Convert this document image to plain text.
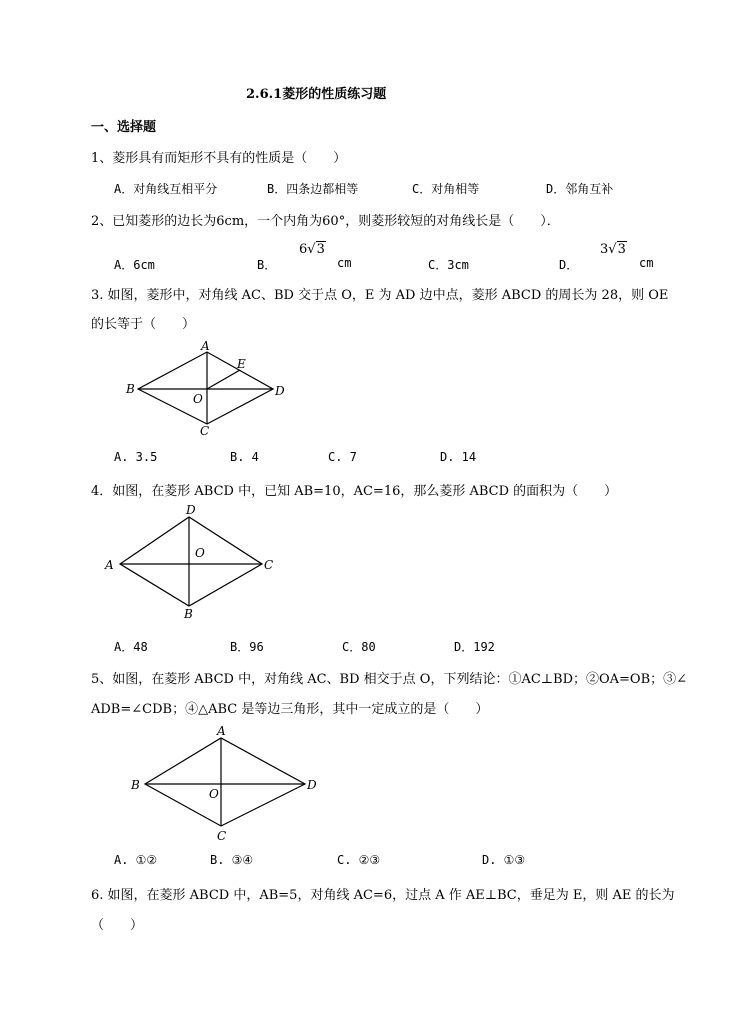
2.6.1菱形的性质练习题
一、选择题
1、菱形具有而矩形不具有的性质是（　　）
A．对角线互相平分	B．四条边都相等	C．对角相等	D．邻角互补
2、已知菱形的边长为6cm，一个内角为60°，则菱形较短的对角线长是（　　）．
A．6cm	B．
6√3
cm	C．3cm	D．
3√3
cm
3. 如图，菱形中，对角线 AC、BD 交于点 O，E 为 AD 边中点，菱形 ABCD 的周长为 28，则 OE
的长等于（　　）
A
B
C
D
E
O
A. 3.5	B. 4	C. 7	D. 14
4．如图，在菱形 ABCD 中，已知 AB=10，AC=16，那么菱形 ABCD 的面积为（　　）
D
A	C
B
O
A．48	B．96	C．80	D．192
5、如图，在菱形 ABCD 中，对角线 AC、BD 相交于点 O，下列结论：①AC⊥BD；②OA=OB；③∠
ADB=∠CDB；④△ABC 是等边三角形，其中一定成立的是（　　）
A
B	D
C
O
A. ①②	B. ③④	C. ②③	D. ①③
6. 如图，在菱形 ABCD 中，AB=5，对角线 AC=6，过点 A 作 AE⊥BC，垂足为 E，则 AE 的长为
（　　）
